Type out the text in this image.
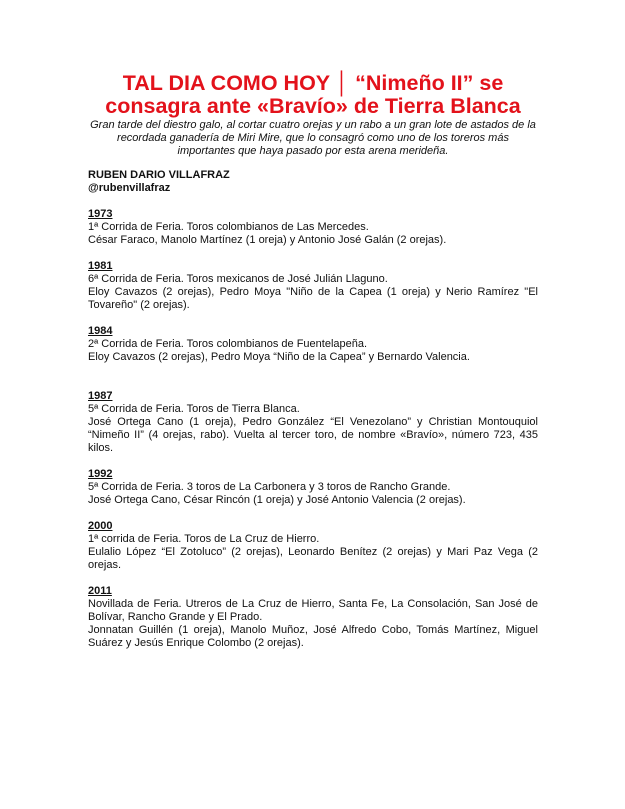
TAL DIA COMO HOY │ “Nimeño II” se consagra ante «Bravío» de Tierra Blanca

Gran tarde del diestro galo, al cortar cuatro orejas y un rabo a un gran lote de astados de la recordada ganadería de Miri Mire, que lo consagró como uno de los toreros más importantes que haya pasado por esta arena merideña.

RUBEN DARIO VILLAFRAZ
@rubenvillafraz

1973

1ª Corrida de Feria. Toros colombianos de Las Mercedes.

César Faraco, Manolo Martínez (1 oreja) y Antonio José Galán (2 orejas).

1981

6ª Corrida de Feria. Toros mexicanos de José Julián Llaguno.

Eloy Cavazos (2 orejas), Pedro Moya "Niño de la Capea (1 oreja) y Nerio Ramírez "El Tovareño" (2 orejas).

1984

2ª Corrida de Feria. Toros colombianos de Fuentelapeña.

Eloy Cavazos (2 orejas), Pedro Moya “Niño de la Capea” y Bernardo Valencia.

1987

5ª Corrida de Feria. Toros de Tierra Blanca.

José Ortega Cano (1 oreja), Pedro González “El Venezolano” y Christian Montouquiol “Nimeño II” (4 orejas, rabo). Vuelta al tercer toro, de nombre «Bravío», número 723, 435 kilos.

1992

5ª Corrida de Feria. 3 toros de La Carbonera y 3 toros de Rancho Grande.

José Ortega Cano, César Rincón (1 oreja) y José Antonio Valencia (2 orejas).

2000

1ª corrida de Feria. Toros de La Cruz de Hierro.

Eulalio López “El Zotoluco” (2 orejas), Leonardo Benítez (2 orejas) y Mari Paz Vega (2 orejas.

2011

Novillada de Feria. Utreros de La Cruz de Hierro, Santa Fe, La Consolación, San José de Bolívar, Rancho Grande y El Prado.

Jonnatan Guillén (1 oreja), Manolo Muñoz, José Alfredo Cobo, Tomás Martínez, Miguel Suárez y Jesús Enrique Colombo (2 orejas).
